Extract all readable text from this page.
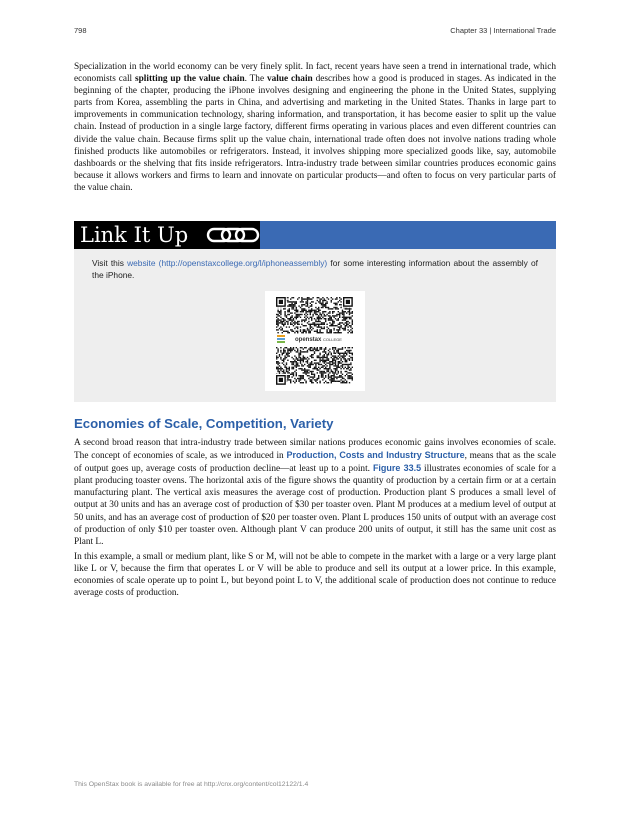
798	Chapter 33 | International Trade

Specialization in the world economy can be very finely split. In fact, recent years have seen a trend in international trade, which economists call splitting up the value chain. The value chain describes how a good is produced in stages. As indicated in the beginning of the chapter, producing the iPhone involves designing and engineering the phone in the United States, supplying parts from Korea, assembling the parts in China, and advertising and marketing in the United States. Thanks in large part to improvements in communication technology, sharing information, and transportation, it has become easier to split up the value chain. Instead of production in a single large factory, different firms operating in various places and even different countries can divide the value chain. Because firms split up the value chain, international trade often does not involve nations trading whole finished products like automobiles or refrigerators. Instead, it involves shipping more specialized goods like, say, automobile dashboards or the shelving that fits inside refrigerators. Intra-industry trade between similar countries produces economic gains because it allows workers and firms to learn and innovate on particular products—and often to focus on very particular parts of the value chain.

Link It Up

Visit this website (http://openstaxcollege.org/l/iphoneassembly) for some interesting information about the assembly of the iPhone.

openstax COLLEGE
Economies of Scale, Competition, Variety

A second broad reason that intra-industry trade between similar nations produces economic gains involves economies of scale. The concept of economies of scale, as we introduced in Production, Costs and Industry Structure, means that as the scale of output goes up, average costs of production decline—at least up to a point. Figure 33.5 illustrates economies of scale for a plant producing toaster ovens. The horizontal axis of the figure shows the quantity of production by a certain firm or at a certain manufacturing plant. The vertical axis measures the average cost of production. Production plant S produces a small level of output at 30 units and has an average cost of production of $30 per toaster oven. Plant M produces at a medium level of output at 50 units, and has an average cost of production of $20 per toaster oven. Plant L produces 150 units of output with an average cost of production of only $10 per toaster oven. Although plant V can produce 200 units of output, it still has the same unit cost as Plant L.

In this example, a small or medium plant, like S or M, will not be able to compete in the market with a large or a very large plant like L or V, because the firm that operates L or V will be able to produce and sell its output at a lower price. In this example, economies of scale operate up to point L, but beyond point L to V, the additional scale of production does not continue to reduce average costs of production.

This OpenStax book is available for free at http://cnx.org/content/col12122/1.4
